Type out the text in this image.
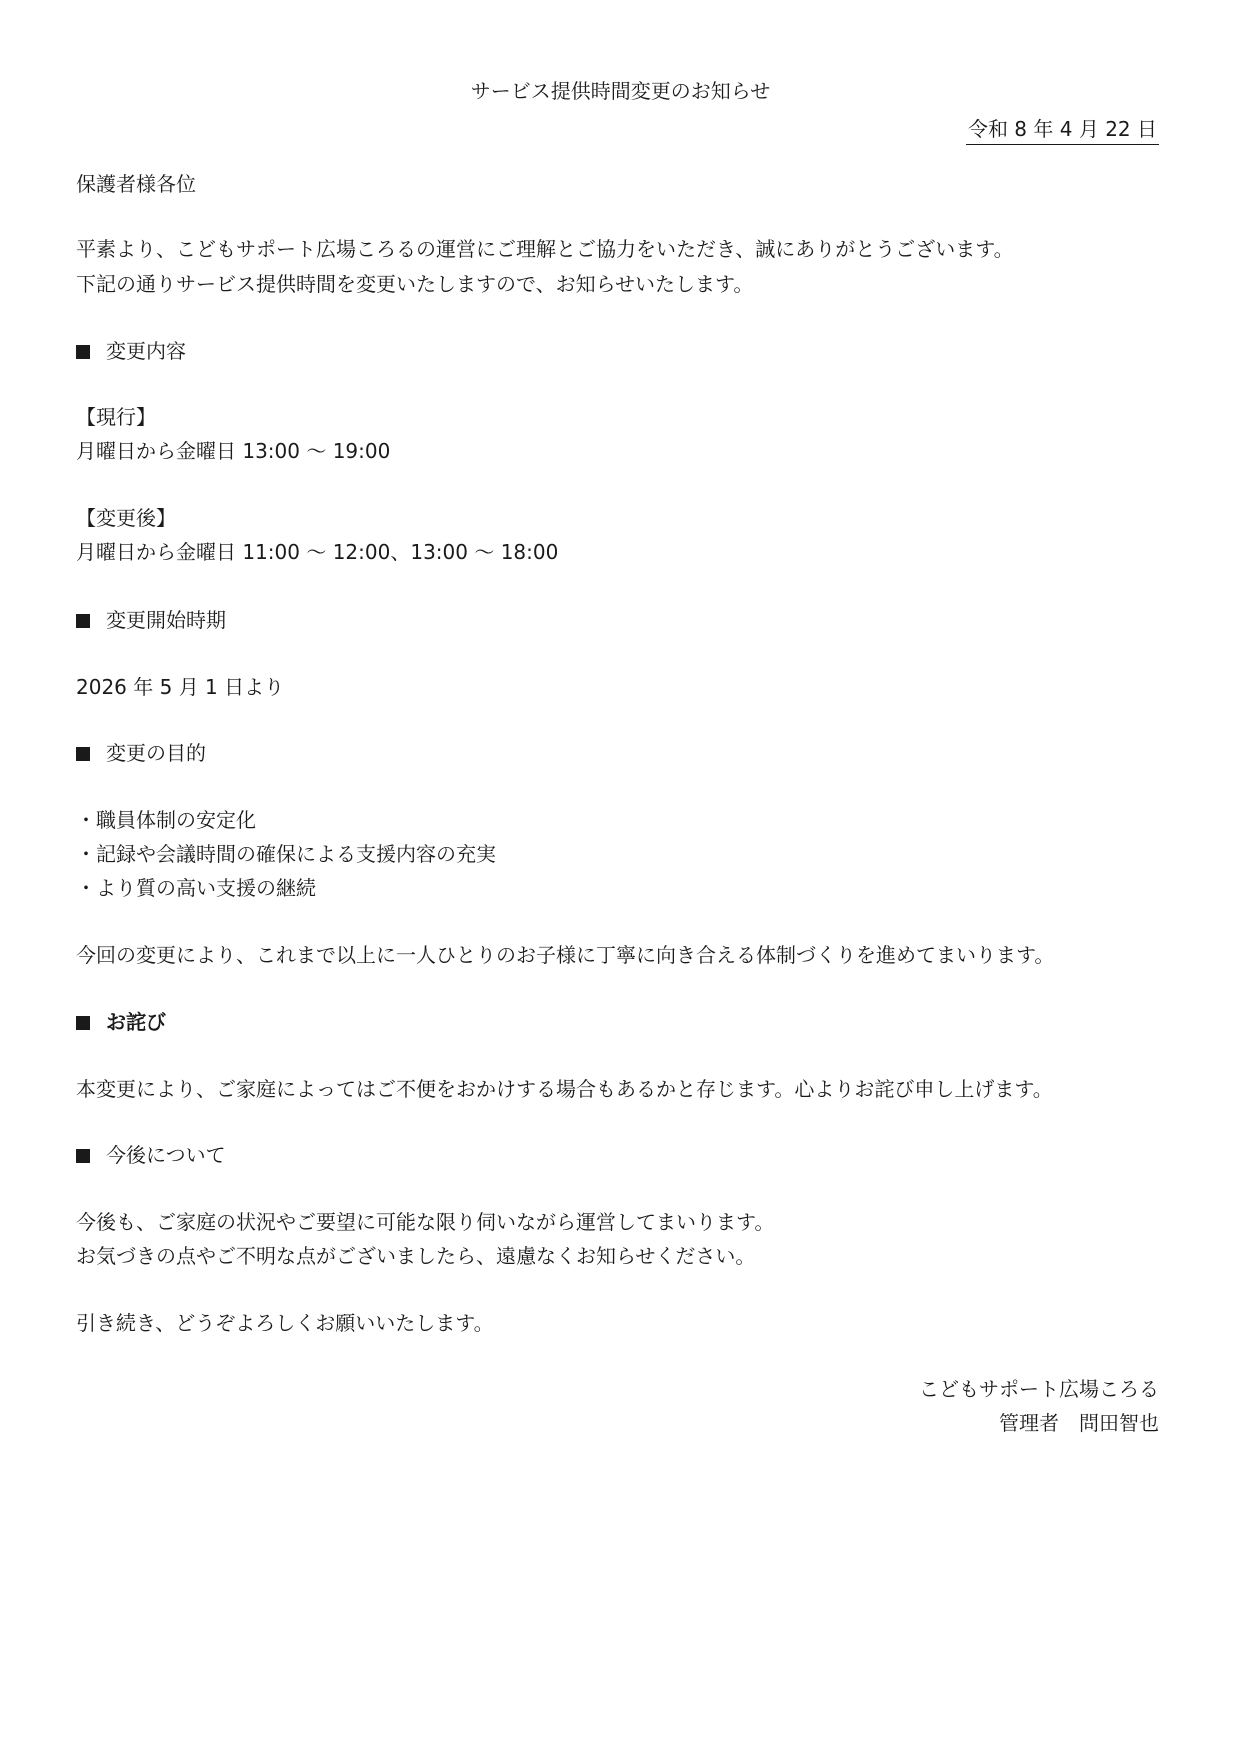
サービス提供時間変更のお知らせ
令和 8 年 4 月 22 日
保護者様各位
平素より、こどもサポート広場ころるの運営にご理解とご協力をいただき、誠にありがとうございます。
下記の通りサービス提供時間を変更いたしますので、お知らせいたします。
変更内容
【現行】
月曜日から金曜日 13:00 ～ 19:00
【変更後】
月曜日から金曜日 11:00 ～ 12:00、13:00 ～ 18:00
変更開始時期
2026 年 5 月 1 日より
変更の目的
・職員体制の安定化
・記録や会議時間の確保による支援内容の充実
・より質の高い支援の継続
今回の変更により、これまで以上に一人ひとりのお子様に丁寧に向き合える体制づくりを進めてまいります。
お詫び
本変更により、ご家庭によってはご不便をおかけする場合もあるかと存じます。心よりお詫び申し上げます。
今後について
今後も、ご家庭の状況やご要望に可能な限り伺いながら運営してまいります。
お気づきの点やご不明な点がございましたら、遠慮なくお知らせください。
引き続き、どうぞよろしくお願いいたします。
こどもサポート広場ころる
管理者　問田智也
